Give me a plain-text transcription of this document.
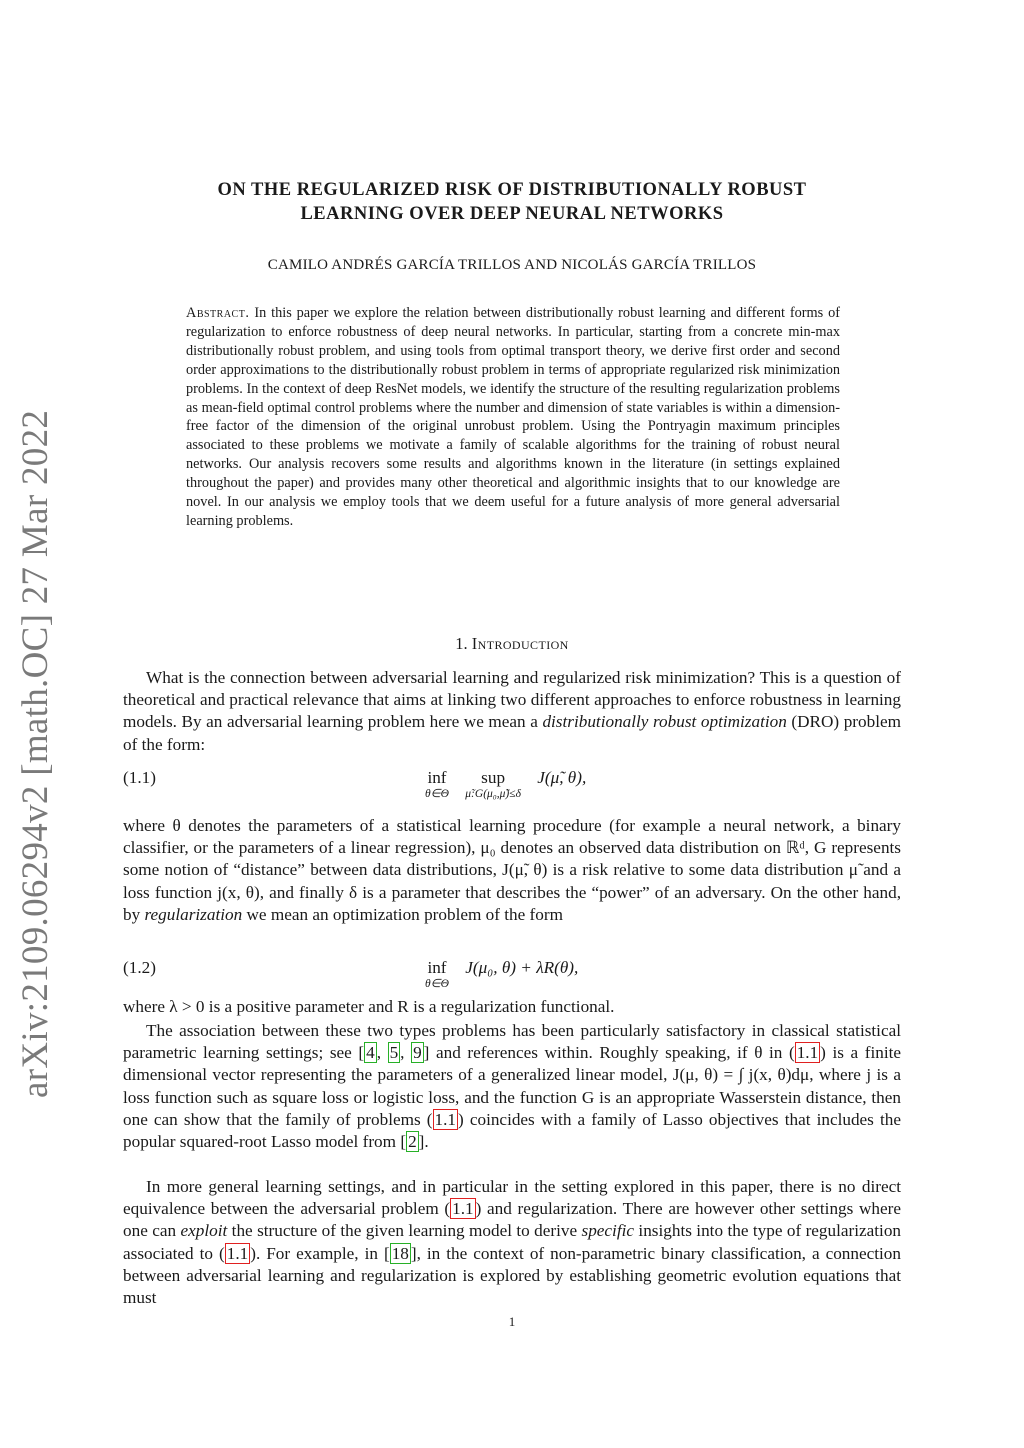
arXiv:2109.06294v2 [math.OC] 27 Mar 2022
ON THE REGULARIZED RISK OF DISTRIBUTIONALLY ROBUST
LEARNING OVER DEEP NEURAL NETWORKS
CAMILO ANDRÉS GARCÍA TRILLOS AND NICOLÁS GARCÍA TRILLOS
Abstract. In this paper we explore the relation between distributionally robust learning and different forms of regularization to enforce robustness of deep neural networks. In particular, starting from a concrete min-max distributionally robust problem, and using tools from optimal transport theory, we derive first order and second order approximations to the distributionally robust problem in terms of appropriate regularized risk minimization problems. In the context of deep ResNet models, we identify the structure of the resulting regularization problems as mean-field optimal control problems where the number and dimension of state variables is within a dimension-free factor of the dimension of the original unrobust problem. Using the Pontryagin maximum principles associated to these problems we motivate a family of scalable algorithms for the training of robust neural networks. Our analysis recovers some results and algorithms known in the literature (in settings explained throughout the paper) and provides many other theoretical and algorithmic insights that to our knowledge are novel. In our analysis we employ tools that we deem useful for a future analysis of more general adversarial learning problems.
1. Introduction

What is the connection between adversarial learning and regularized risk minimization? This is a question of theoretical and practical relevance that aims at linking two different approaches to enforce robustness in learning models. By an adversarial learning problem here we mean a distributionally robust optimization (DRO) problem of the form:

(1.1)	inf
θ∈Θ
sup
μ̃:G(μ₀,μ̃)≤δ
J(μ̃, θ),

where θ denotes the parameters of a statistical learning procedure (for example a neural network, a binary classifier, or the parameters of a linear regression), μ₀ denotes an observed data distribution on ℝᵈ, G represents some notion of “distance” between data distributions, J(μ̃, θ) is a risk relative to some data distribution μ̃ and a loss function j(x, θ), and finally δ is a parameter that describes the “power” of an adversary. On the other hand, by regularization we mean an optimization problem of the form

(1.2)	inf
θ∈Θ
J(μ₀, θ) + λR(θ),

where λ > 0 is a positive parameter and R is a regularization functional.

The association between these two types problems has been particularly satisfactory in classical statistical parametric learning settings; see [ 4 , 5 , 9 ] and references within. Roughly speaking, if θ in ( 1.1 ) is a finite dimensional vector representing the parameters of a generalized linear model, J(μ, θ) = ∫ j(x, θ)dμ, where j is a loss function such as square loss or logistic loss, and the function G is an appropriate Wasserstein distance, then one can show that the family of problems ( 1.1 ) coincides with a family of Lasso objectives that includes the popular squared-root Lasso model from [ 2 ].

In more general learning settings, and in particular in the setting explored in this paper, there is no direct equivalence between the adversarial problem ( 1.1 ) and regularization. There are however other settings where one can exploit the structure of the given learning model to derive specific insights into the type of regularization associated to ( 1.1 ). For example, in [ 18 ], in the context of non-parametric binary classification, a connection between adversarial learning and regularization is explored by establishing geometric evolution equations that must

1
